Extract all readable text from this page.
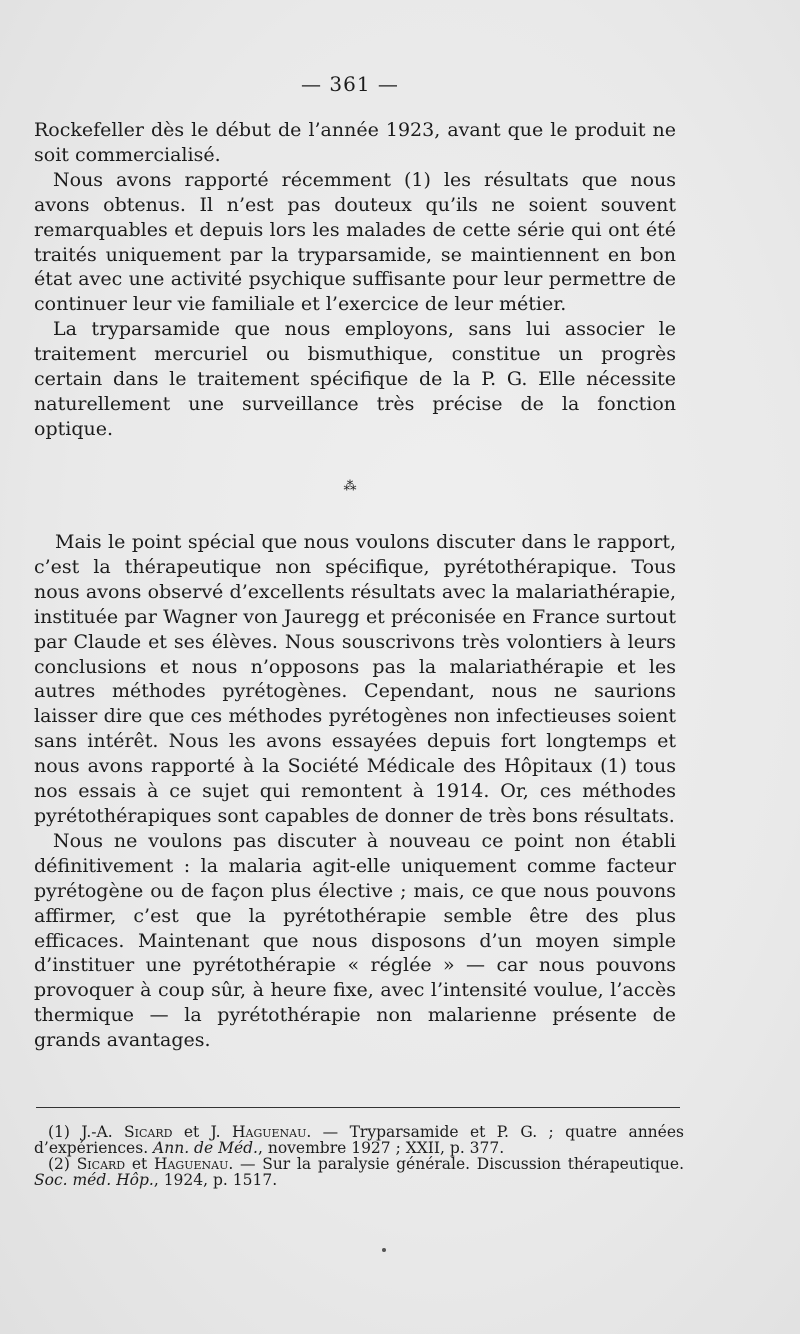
— 361 —

Rockefeller dès le début de l’année 1923, avant que le produit ne soit commercialisé.

Nous avons rapporté récemment (1) les résultats que nous avons obtenus. Il n’est pas douteux qu’ils ne soient souvent remarquables et depuis lors les malades de cette série qui ont été traités uniquement par la tryparsamide, se maintiennent en bon état avec une activité psychique suffisante pour leur permettre de continuer leur vie familiale et l’exercice de leur métier.

La tryparsamide que nous employons, sans lui associer le traitement mercuriel ou bismuthique, constitue un progrès certain dans le traitement spécifique de la P. G. Elle nécessite naturellement une surveillance très précise de la fonction optique.

⁂

Mais le point spécial que nous voulons discuter dans le rapport, c’est la thérapeutique non spécifique, pyrétothérapique. Tous nous avons observé d’excellents résultats avec la malariathérapie, instituée par Wagner von Jauregg et préconisée en France surtout par Claude et ses élèves. Nous souscrivons très volontiers à leurs conclusions et nous n’opposons pas la malariathérapie et les autres méthodes pyrétogènes. Cependant, nous ne saurions laisser dire que ces méthodes pyrétogènes non infectieuses soient sans intérêt. Nous les avons essayées depuis fort longtemps et nous avons rapporté à la Société Médicale des Hôpitaux (1) tous nos essais à ce sujet qui remontent à 1914. Or, ces méthodes pyrétothérapiques sont capables de donner de très bons résultats.

Nous ne voulons pas discuter à nouveau ce point non établi définitivement : la malaria agit-elle uniquement comme facteur pyrétogène ou de façon plus élective ; mais, ce que nous pouvons affirmer, c’est que la pyrétothérapie semble être des plus efficaces. Maintenant que nous disposons d’un moyen simple d’instituer une pyrétothérapie « réglée » — car nous pouvons provoquer à coup sûr, à heure fixe, avec l’intensité voulue, l’accès thermique — la pyrétothérapie non malarienne présente de grands avantages.

(1) J.-A. Sicard et J. Haguenau. — Tryparsamide et P. G. ; quatre années d’expériences. Ann. de Méd., novembre 1927 ; XXII, p. 377.

(2) Sicard et Haguenau. — Sur la paralysie générale. Discussion thérapeutique. Soc. méd. Hôp., 1924, p. 1517.
